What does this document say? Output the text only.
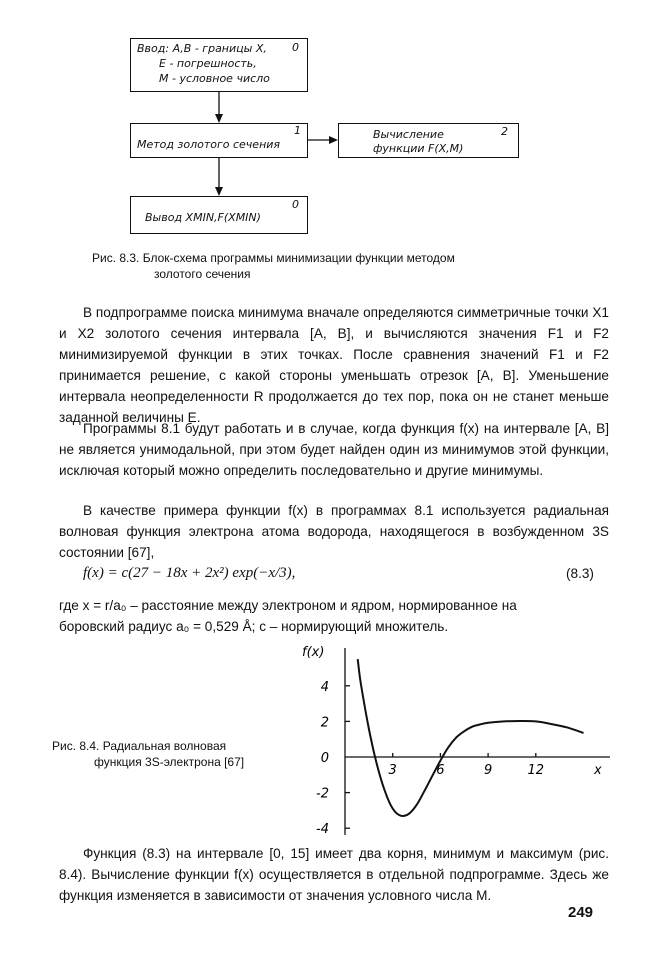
Ввод: A,B - границы X,
E - погрешность,
M - условное число
0
Метод золотого сечения
1	Вычисление
функции F(X,M)
2
Вывод XMIN,F(XMIN)
0
Рис. 8.3. Блок-схема программы минимизации функции методом
золотого сечения
В подпрограмме поиска минимума вначале определяются симметричные точки X1 и X2 золотого сечения интервала [A, B], и вычисляются значения F1 и F2 минимизируемой функции в этих точках. После сравнения значений F1 и F2 принимается решение, с какой стороны уменьшать отрезок [A, B]. Уменьшение интервала неопределенности R продолжается до тех пор, пока он не станет меньше заданной величины E.
Программы 8.1 будут работать и в случае, когда функция f(x) на интервале [A, B] не является унимодальной, при этом будет найден один из минимумов этой функции, исключая который можно определить последовательно и другие минимумы.
В качестве примера функции f(x) в программах 8.1 используется радиальная волновая функция электрона атома водорода, находящегося в возбужденном 3S состоянии [67],
f(x) = c(27 − 18x + 2x²) exp(−x/3),	(8.3)
где x = r/a₀ – расстояние между электроном и ядром, нормированное на
боровский радиус a₀ = 0,529 Å; c – нормирующий множитель.
Рис. 8.4. Радиальная волновая
функция 3S-электрона [67]
f(x)
x
3	6	9	12
4
2
0
-2
-4
Функция (8.3) на интервале [0, 15] имеет два корня, минимум и максимум (рис. 8.4). Вычисление функции f(x) осуществляется в отдельной подпрограмме. Здесь же функция изменяется в зависимости от значения условного числа M.
249
